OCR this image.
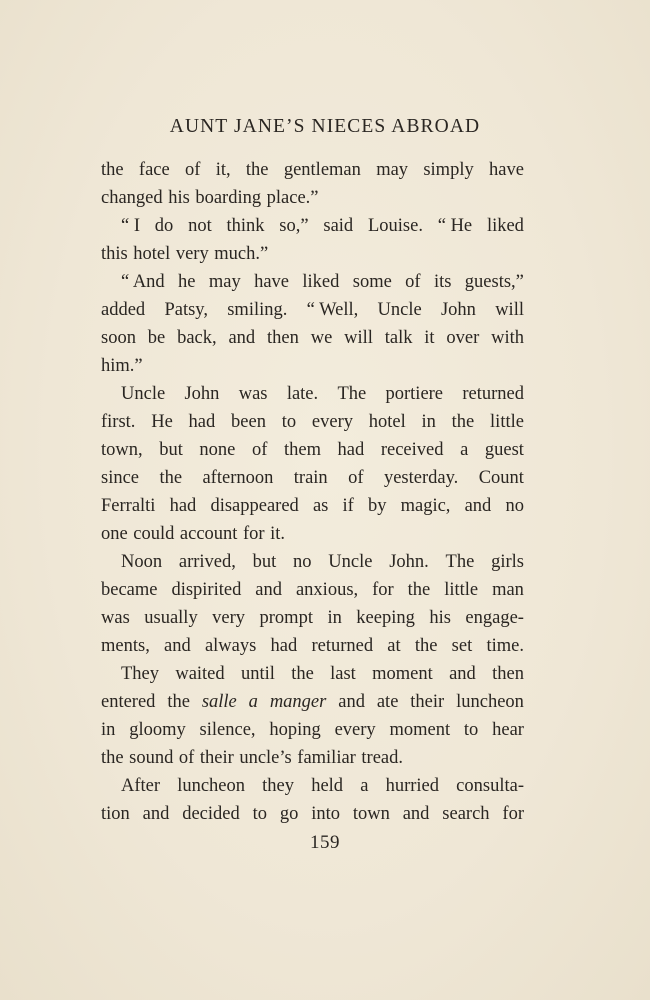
AUNT JANE’S NIECES ABROAD
the face of it, the gentleman may simply have
changed his boarding place.”
“ I do not think so,” said Louise. “ He liked
this hotel very much.”
“ And he may have liked some of its guests,”
added Patsy, smiling. “ Well, Uncle John will
soon be back, and then we will talk it over with
him.”
Uncle John was late. The portiere returned
first. He had been to every hotel in the little
town, but none of them had received a guest
since the afternoon train of yesterday. Count
Ferralti had disappeared as if by magic, and no
one could account for it.
Noon arrived, but no Uncle John. The girls
became dispirited and anxious, for the little man
was usually very prompt in keeping his engage-
ments, and always had returned at the set time.
They waited until the last moment and then
entered the salle a manger and ate their luncheon
in gloomy silence, hoping every moment to hear
the sound of their uncle’s familiar tread.
After luncheon they held a hurried consulta-
tion and decided to go into town and search for
159
